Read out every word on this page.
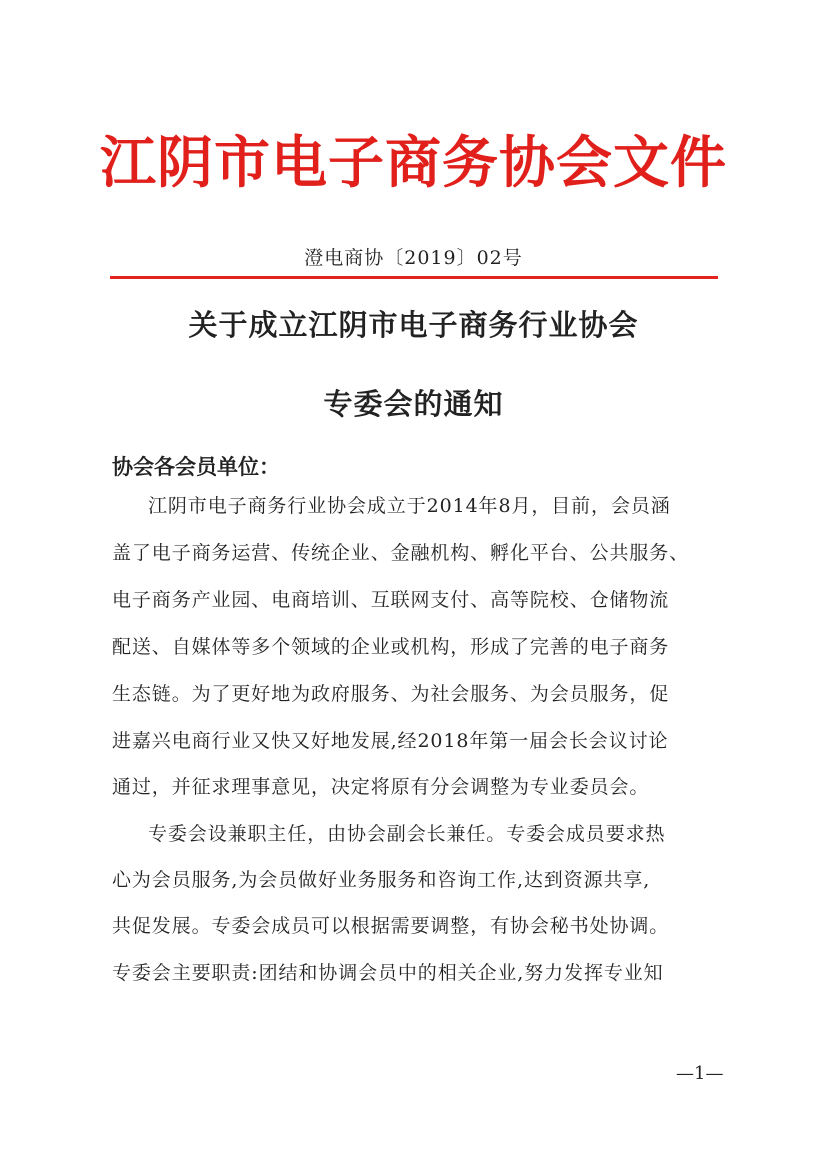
江阴市电子商务协会文件
澄电商协〔2019〕02号
关于成立江阴市电子商务行业协会
专委会的通知
协会各会员单位：
江阴市电子商务行业协会成立于2014年8月，目前，会员涵
盖了电子商务运营、传统企业、金融机构、孵化平台、公共服务、
电子商务产业园、电商培训、互联网支付、高等院校、仓储物流
配送、自媒体等多个领域的企业或机构，形成了完善的电子商务
生态链。为了更好地为政府服务、为社会服务、为会员服务，促
进嘉兴电商行业又快又好地发展,经2018年第一届会长会议讨论
通过，并征求理事意见，决定将原有分会调整为专业委员会。
专委会设兼职主任，由协会副会长兼任。专委会成员要求热
心为会员服务,为会员做好业务服务和咨询工作,达到资源共享,
共促发展。专委会成员可以根据需要调整，有协会秘书处协调。
专委会主要职责:团结和协调会员中的相关企业,努力发挥专业知
—1—
